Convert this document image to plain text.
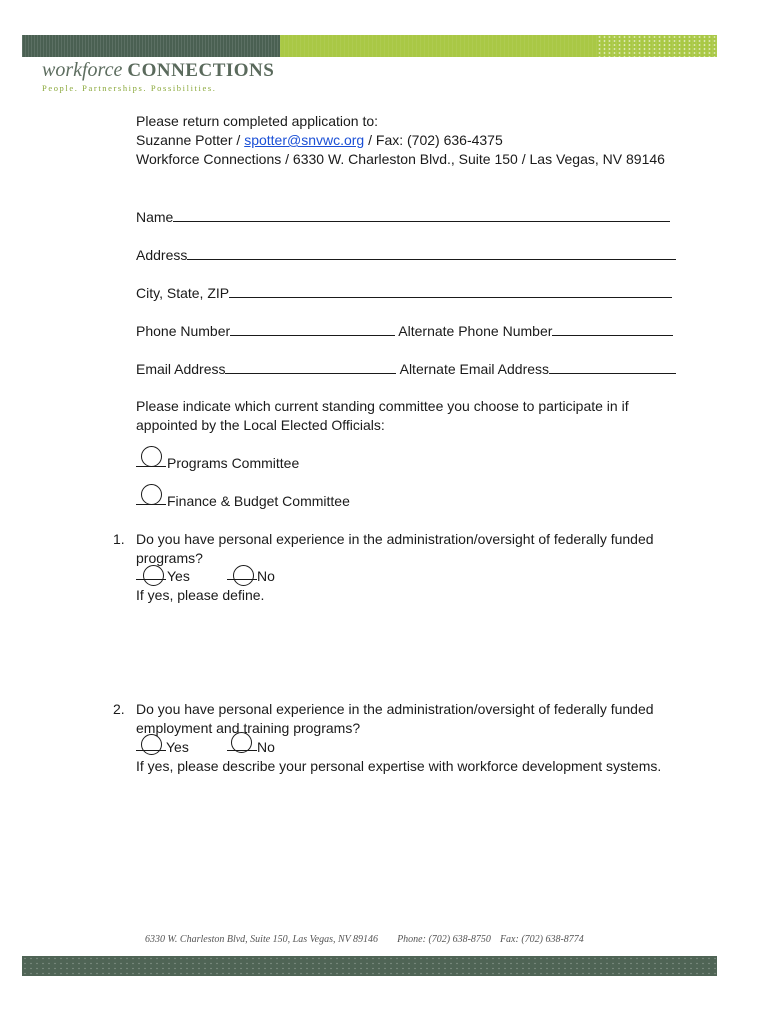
workforce CONNECTIONS
People. Partnerships. Possibilities.
Please return completed application to:
Suzanne Potter / spotter@snvwc.org / Fax: (702) 636-4375
Workforce Connections / 6330 W. Charleston Blvd., Suite 150 / Las Vegas, NV 89146
Name
Address
City, State, ZIP
Phone Number	Alternate Phone Number
Email Address	Alternate Email Address
Please indicate which current standing committee you choose to participate in if
appointed by the Local Elected Officials:
Programs Committee
Finance & Budget Committee
1. Do you have personal experience in the administration/oversight of federally funded
programs?
Yes	No
If yes, please define.
2. Do you have personal experience in the administration/oversight of federally funded
employment and training programs?
Yes	No
If yes, please describe your personal expertise with workforce development systems.
6330 W. Charleston Blvd, Suite 150, Las Vegas, NV 89146 Phone: (702) 638-8750 Fax: (702) 638-8774
